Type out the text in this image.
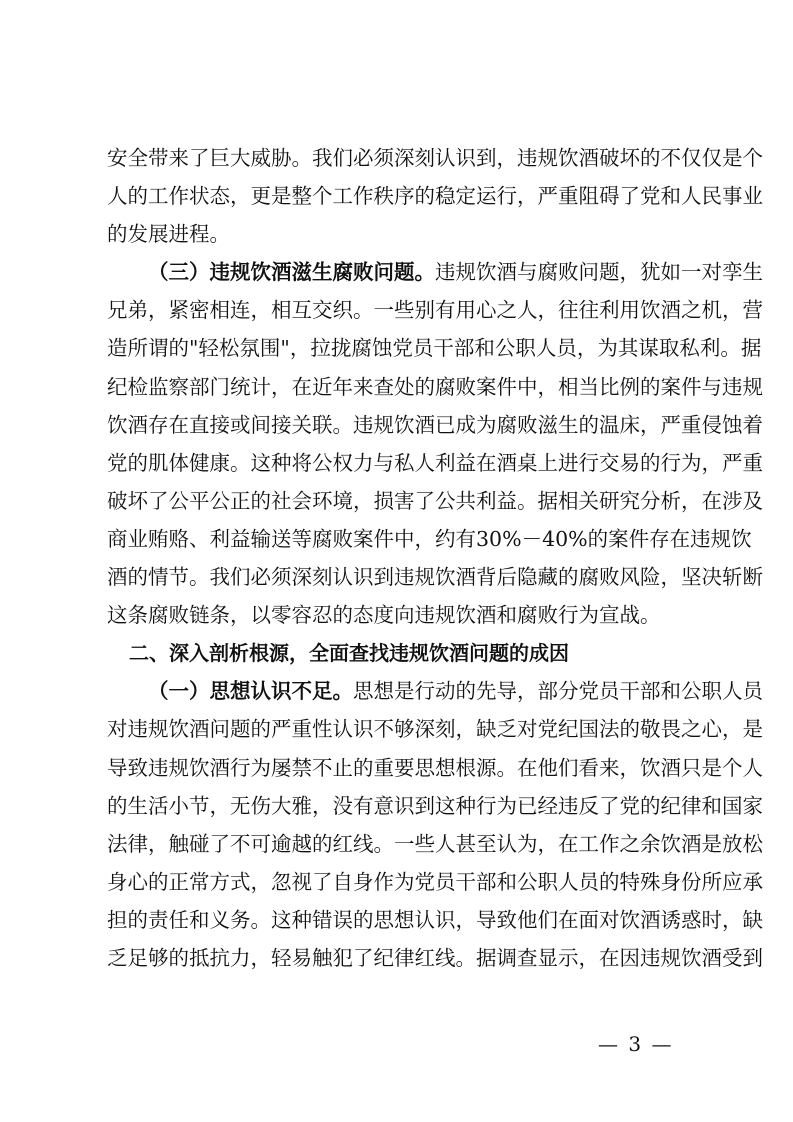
安全带来了巨大威胁。我们必须深刻认识到，违规饮酒破坏的不仅仅是个
人的工作状态，更是整个工作秩序的稳定运行，严重阻碍了党和人民事业
的发展进程。
（三）违规饮酒滋生腐败问题。违规饮酒与腐败问题，犹如一对孪生
兄弟，紧密相连，相互交织。一些别有用心之人，往往利用饮酒之机，营
造所谓的"轻松氛围"，拉拢腐蚀党员干部和公职人员，为其谋取私利。据
纪检监察部门统计，在近年来查处的腐败案件中，相当比例的案件与违规
饮酒存在直接或间接关联。违规饮酒已成为腐败滋生的温床，严重侵蚀着
党的肌体健康。这种将公权力与私人利益在酒桌上进行交易的行为，严重
破坏了公平公正的社会环境，损害了公共利益。据相关研究分析，在涉及
商业贿赂、利益输送等腐败案件中，约有30%－40%的案件存在违规饮
酒的情节。我们必须深刻认识到违规饮酒背后隐藏的腐败风险，坚决斩断
这条腐败链条，以零容忍的态度向违规饮酒和腐败行为宣战。
二、深入剖析根源，全面查找违规饮酒问题的成因
（一）思想认识不足。思想是行动的先导，部分党员干部和公职人员
对违规饮酒问题的严重性认识不够深刻，缺乏对党纪国法的敬畏之心，是
导致违规饮酒行为屡禁不止的重要思想根源。在他们看来，饮酒只是个人
的生活小节，无伤大雅，没有意识到这种行为已经违反了党的纪律和国家
法律，触碰了不可逾越的红线。一些人甚至认为，在工作之余饮酒是放松
身心的正常方式，忽视了自身作为党员干部和公职人员的特殊身份所应承
担的责任和义务。这种错误的思想认识，导致他们在面对饮酒诱惑时，缺
乏足够的抵抗力，轻易触犯了纪律红线。据调查显示，在因违规饮酒受到
— 3 —
